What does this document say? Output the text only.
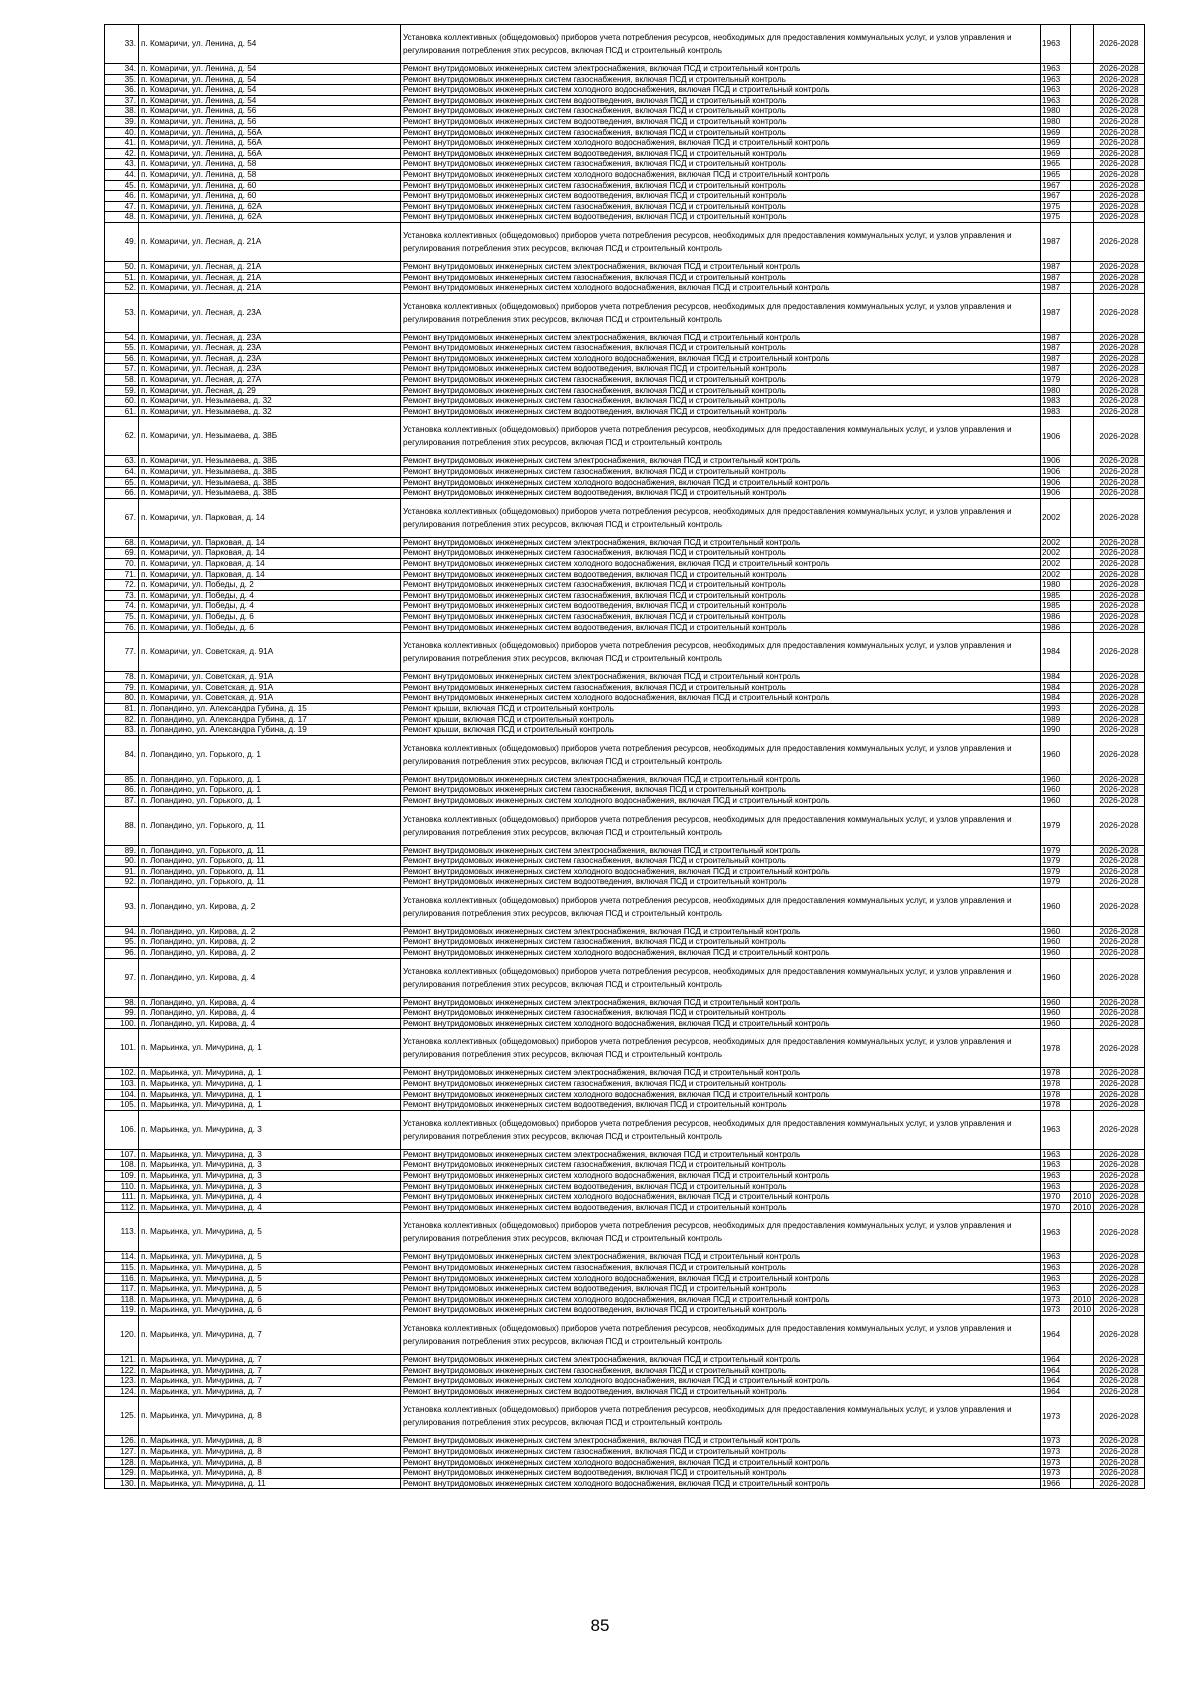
33.	п. Комаричи, ул. Ленина, д. 54	Установка коллективных (общедомовых) приборов учета потребления ресурсов, необходимых для предоставления коммунальных услуг, и узлов управления и регулирования потребления этих ресурсов, включая ПСД и строительный контроль	1963		2026-2028
34.	п. Комаричи, ул. Ленина, д. 54	Ремонт внутридомовых инженерных систем электроснабжения, включая ПСД и строительный контроль	1963		2026-2028
35.	п. Комаричи, ул. Ленина, д. 54	Ремонт внутридомовых инженерных систем газоснабжения, включая ПСД и строительный контроль	1963		2026-2028
36.	п. Комаричи, ул. Ленина, д. 54	Ремонт внутридомовых инженерных систем холодного водоснабжения, включая ПСД и строительный контроль	1963		2026-2028
37.	п. Комаричи, ул. Ленина, д. 54	Ремонт внутридомовых инженерных систем водоотведения, включая ПСД и строительный контроль	1963		2026-2028
38.	п. Комаричи, ул. Ленина, д. 56	Ремонт внутридомовых инженерных систем газоснабжения, включая ПСД и строительный контроль	1980		2026-2028
39.	п. Комаричи, ул. Ленина, д. 56	Ремонт внутридомовых инженерных систем водоотведения, включая ПСД и строительный контроль	1980		2026-2028
40.	п. Комаричи, ул. Ленина, д. 56А	Ремонт внутридомовых инженерных систем газоснабжения, включая ПСД и строительный контроль	1969		2026-2028
41.	п. Комаричи, ул. Ленина, д. 56А	Ремонт внутридомовых инженерных систем холодного водоснабжения, включая ПСД и строительный контроль	1969		2026-2028
42.	п. Комаричи, ул. Ленина, д. 56А	Ремонт внутридомовых инженерных систем водоотведения, включая ПСД и строительный контроль	1969		2026-2028
43.	п. Комаричи, ул. Ленина, д. 58	Ремонт внутридомовых инженерных систем газоснабжения, включая ПСД и строительный контроль	1965		2026-2028
44.	п. Комаричи, ул. Ленина, д. 58	Ремонт внутридомовых инженерных систем холодного водоснабжения, включая ПСД и строительный контроль	1965		2026-2028
45.	п. Комаричи, ул. Ленина, д. 60	Ремонт внутридомовых инженерных систем газоснабжения, включая ПСД и строительный контроль	1967		2026-2028
46.	п. Комаричи, ул. Ленина, д. 60	Ремонт внутридомовых инженерных систем водоотведения, включая ПСД и строительный контроль	1967		2026-2028
47.	п. Комаричи, ул. Ленина, д. 62А	Ремонт внутридомовых инженерных систем газоснабжения, включая ПСД и строительный контроль	1975		2026-2028
48.	п. Комаричи, ул. Ленина, д. 62А	Ремонт внутридомовых инженерных систем водоотведения, включая ПСД и строительный контроль	1975		2026-2028
49.	п. Комаричи, ул. Лесная, д. 21А	Установка коллективных (общедомовых) приборов учета потребления ресурсов, необходимых для предоставления коммунальных услуг, и узлов управления и регулирования потребления этих ресурсов, включая ПСД и строительный контроль	1987		2026-2028
50.	п. Комаричи, ул. Лесная, д. 21А	Ремонт внутридомовых инженерных систем электроснабжения, включая ПСД и строительный контроль	1987		2026-2028
51.	п. Комаричи, ул. Лесная, д. 21А	Ремонт внутридомовых инженерных систем газоснабжения, включая ПСД и строительный контроль	1987		2026-2028
52.	п. Комаричи, ул. Лесная, д. 21А	Ремонт внутридомовых инженерных систем холодного водоснабжения, включая ПСД и строительный контроль	1987		2026-2028
53.	п. Комаричи, ул. Лесная, д. 23А	Установка коллективных (общедомовых) приборов учета потребления ресурсов, необходимых для предоставления коммунальных услуг, и узлов управления и регулирования потребления этих ресурсов, включая ПСД и строительный контроль	1987		2026-2028
54.	п. Комаричи, ул. Лесная, д. 23А	Ремонт внутридомовых инженерных систем электроснабжения, включая ПСД и строительный контроль	1987		2026-2028
55.	п. Комаричи, ул. Лесная, д. 23А	Ремонт внутридомовых инженерных систем газоснабжения, включая ПСД и строительный контроль	1987		2026-2028
56.	п. Комаричи, ул. Лесная, д. 23А	Ремонт внутридомовых инженерных систем холодного водоснабжения, включая ПСД и строительный контроль	1987		2026-2028
57.	п. Комаричи, ул. Лесная, д. 23А	Ремонт внутридомовых инженерных систем водоотведения, включая ПСД и строительный контроль	1987		2026-2028
58.	п. Комаричи, ул. Лесная, д. 27А	Ремонт внутридомовых инженерных систем газоснабжения, включая ПСД и строительный контроль	1979		2026-2028
59.	п. Комаричи, ул. Лесная, д. 29	Ремонт внутридомовых инженерных систем газоснабжения, включая ПСД и строительный контроль	1980		2026-2028
60.	п. Комаричи, ул. Незымаева, д. 32	Ремонт внутридомовых инженерных систем газоснабжения, включая ПСД и строительный контроль	1983		2026-2028
61.	п. Комаричи, ул. Незымаева, д. 32	Ремонт внутридомовых инженерных систем водоотведения, включая ПСД и строительный контроль	1983		2026-2028
62.	п. Комаричи, ул. Незымаева, д. 38Б	Установка коллективных (общедомовых) приборов учета потребления ресурсов, необходимых для предоставления коммунальных услуг, и узлов управления и регулирования потребления этих ресурсов, включая ПСД и строительный контроль	1906		2026-2028
63.	п. Комаричи, ул. Незымаева, д. 38Б	Ремонт внутридомовых инженерных систем электроснабжения, включая ПСД и строительный контроль	1906		2026-2028
64.	п. Комаричи, ул. Незымаева, д. 38Б	Ремонт внутридомовых инженерных систем газоснабжения, включая ПСД и строительный контроль	1906		2026-2028
65.	п. Комаричи, ул. Незымаева, д. 38Б	Ремонт внутридомовых инженерных систем холодного водоснабжения, включая ПСД и строительный контроль	1906		2026-2028
66.	п. Комаричи, ул. Незымаева, д. 38Б	Ремонт внутридомовых инженерных систем водоотведения, включая ПСД и строительный контроль	1906		2026-2028
67.	п. Комаричи, ул. Парковая, д. 14	Установка коллективных (общедомовых) приборов учета потребления ресурсов, необходимых для предоставления коммунальных услуг, и узлов управления и регулирования потребления этих ресурсов, включая ПСД и строительный контроль	2002		2026-2028
68.	п. Комаричи, ул. Парковая, д. 14	Ремонт внутридомовых инженерных систем электроснабжения, включая ПСД и строительный контроль	2002		2026-2028
69.	п. Комаричи, ул. Парковая, д. 14	Ремонт внутридомовых инженерных систем газоснабжения, включая ПСД и строительный контроль	2002		2026-2028
70.	п. Комаричи, ул. Парковая, д. 14	Ремонт внутридомовых инженерных систем холодного водоснабжения, включая ПСД и строительный контроль	2002		2026-2028
71.	п. Комаричи, ул. Парковая, д. 14	Ремонт внутридомовых инженерных систем водоотведения, включая ПСД и строительный контроль	2002		2026-2028
72.	п. Комаричи, ул. Победы, д. 2	Ремонт внутридомовых инженерных систем газоснабжения, включая ПСД и строительный контроль	1980		2026-2028
73.	п. Комаричи, ул. Победы, д. 4	Ремонт внутридомовых инженерных систем газоснабжения, включая ПСД и строительный контроль	1985		2026-2028
74.	п. Комаричи, ул. Победы, д. 4	Ремонт внутридомовых инженерных систем водоотведения, включая ПСД и строительный контроль	1985		2026-2028
75.	п. Комаричи, ул. Победы, д. 6	Ремонт внутридомовых инженерных систем газоснабжения, включая ПСД и строительный контроль	1986		2026-2028
76.	п. Комаричи, ул. Победы, д. 6	Ремонт внутридомовых инженерных систем водоотведения, включая ПСД и строительный контроль	1986		2026-2028
77.	п. Комаричи, ул. Советская, д. 91А	Установка коллективных (общедомовых) приборов учета потребления ресурсов, необходимых для предоставления коммунальных услуг, и узлов управления и регулирования потребления этих ресурсов, включая ПСД и строительный контроль	1984		2026-2028
78.	п. Комаричи, ул. Советская, д. 91А	Ремонт внутридомовых инженерных систем электроснабжения, включая ПСД и строительный контроль	1984		2026-2028
79.	п. Комаричи, ул. Советская, д. 91А	Ремонт внутридомовых инженерных систем газоснабжения, включая ПСД и строительный контроль	1984		2026-2028
80.	п. Комаричи, ул. Советская, д. 91А	Ремонт внутридомовых инженерных систем холодного водоснабжения, включая ПСД и строительный контроль	1984		2026-2028
81.	п. Лопандино, ул. Александра Губина, д. 15	Ремонт крыши, включая ПСД и строительный контроль	1993		2026-2028
82.	п. Лопандино, ул. Александра Губина, д. 17	Ремонт крыши, включая ПСД и строительный контроль	1989		2026-2028
83.	п. Лопандино, ул. Александра Губина, д. 19	Ремонт крыши, включая ПСД и строительный контроль	1990		2026-2028
84.	п. Лопандино, ул. Горького, д. 1	Установка коллективных (общедомовых) приборов учета потребления ресурсов, необходимых для предоставления коммунальных услуг, и узлов управления и регулирования потребления этих ресурсов, включая ПСД и строительный контроль	1960		2026-2028
85.	п. Лопандино, ул. Горького, д. 1	Ремонт внутридомовых инженерных систем электроснабжения, включая ПСД и строительный контроль	1960		2026-2028
86.	п. Лопандино, ул. Горького, д. 1	Ремонт внутридомовых инженерных систем газоснабжения, включая ПСД и строительный контроль	1960		2026-2028
87.	п. Лопандино, ул. Горького, д. 1	Ремонт внутридомовых инженерных систем холодного водоснабжения, включая ПСД и строительный контроль	1960		2026-2028
88.	п. Лопандино, ул. Горького, д. 11	Установка коллективных (общедомовых) приборов учета потребления ресурсов, необходимых для предоставления коммунальных услуг, и узлов управления и регулирования потребления этих ресурсов, включая ПСД и строительный контроль	1979		2026-2028
89.	п. Лопандино, ул. Горького, д. 11	Ремонт внутридомовых инженерных систем электроснабжения, включая ПСД и строительный контроль	1979		2026-2028
90.	п. Лопандино, ул. Горького, д. 11	Ремонт внутридомовых инженерных систем газоснабжения, включая ПСД и строительный контроль	1979		2026-2028
91.	п. Лопандино, ул. Горького, д. 11	Ремонт внутридомовых инженерных систем холодного водоснабжения, включая ПСД и строительный контроль	1979		2026-2028
92.	п. Лопандино, ул. Горького, д. 11	Ремонт внутридомовых инженерных систем водоотведения, включая ПСД и строительный контроль	1979		2026-2028
93.	п. Лопандино, ул. Кирова, д. 2	Установка коллективных (общедомовых) приборов учета потребления ресурсов, необходимых для предоставления коммунальных услуг, и узлов управления и регулирования потребления этих ресурсов, включая ПСД и строительный контроль	1960		2026-2028
94.	п. Лопандино, ул. Кирова, д. 2	Ремонт внутридомовых инженерных систем электроснабжения, включая ПСД и строительный контроль	1960		2026-2028
95.	п. Лопандино, ул. Кирова, д. 2	Ремонт внутридомовых инженерных систем газоснабжения, включая ПСД и строительный контроль	1960		2026-2028
96.	п. Лопандино, ул. Кирова, д. 2	Ремонт внутридомовых инженерных систем холодного водоснабжения, включая ПСД и строительный контроль	1960		2026-2028
97.	п. Лопандино, ул. Кирова, д. 4	Установка коллективных (общедомовых) приборов учета потребления ресурсов, необходимых для предоставления коммунальных услуг, и узлов управления и регулирования потребления этих ресурсов, включая ПСД и строительный контроль	1960		2026-2028
98.	п. Лопандино, ул. Кирова, д. 4	Ремонт внутридомовых инженерных систем электроснабжения, включая ПСД и строительный контроль	1960		2026-2028
99.	п. Лопандино, ул. Кирова, д. 4	Ремонт внутридомовых инженерных систем газоснабжения, включая ПСД и строительный контроль	1960		2026-2028
100.	п. Лопандино, ул. Кирова, д. 4	Ремонт внутридомовых инженерных систем холодного водоснабжения, включая ПСД и строительный контроль	1960		2026-2028
101.	п. Марьинка, ул. Мичурина, д. 1	Установка коллективных (общедомовых) приборов учета потребления ресурсов, необходимых для предоставления коммунальных услуг, и узлов управления и регулирования потребления этих ресурсов, включая ПСД и строительный контроль	1978		2026-2028
102.	п. Марьинка, ул. Мичурина, д. 1	Ремонт внутридомовых инженерных систем электроснабжения, включая ПСД и строительный контроль	1978		2026-2028
103.	п. Марьинка, ул. Мичурина, д. 1	Ремонт внутридомовых инженерных систем газоснабжения, включая ПСД и строительный контроль	1978		2026-2028
104.	п. Марьинка, ул. Мичурина, д. 1	Ремонт внутридомовых инженерных систем холодного водоснабжения, включая ПСД и строительный контроль	1978		2026-2028
105.	п. Марьинка, ул. Мичурина, д. 1	Ремонт внутридомовых инженерных систем водоотведения, включая ПСД и строительный контроль	1978		2026-2028
106.	п. Марьинка, ул. Мичурина, д. 3	Установка коллективных (общедомовых) приборов учета потребления ресурсов, необходимых для предоставления коммунальных услуг, и узлов управления и регулирования потребления этих ресурсов, включая ПСД и строительный контроль	1963		2026-2028
107.	п. Марьинка, ул. Мичурина, д. 3	Ремонт внутридомовых инженерных систем электроснабжения, включая ПСД и строительный контроль	1963		2026-2028
108.	п. Марьинка, ул. Мичурина, д. 3	Ремонт внутридомовых инженерных систем газоснабжения, включая ПСД и строительный контроль	1963		2026-2028
109.	п. Марьинка, ул. Мичурина, д. 3	Ремонт внутридомовых инженерных систем холодного водоснабжения, включая ПСД и строительный контроль	1963		2026-2028
110.	п. Марьинка, ул. Мичурина, д. 3	Ремонт внутридомовых инженерных систем водоотведения, включая ПСД и строительный контроль	1963		2026-2028
111.	п. Марьинка, ул. Мичурина, д. 4	Ремонт внутридомовых инженерных систем холодного водоснабжения, включая ПСД и строительный контроль	1970	2010	2026-2028
112.	п. Марьинка, ул. Мичурина, д. 4	Ремонт внутридомовых инженерных систем водоотведения, включая ПСД и строительный контроль	1970	2010	2026-2028
113.	п. Марьинка, ул. Мичурина, д. 5	Установка коллективных (общедомовых) приборов учета потребления ресурсов, необходимых для предоставления коммунальных услуг, и узлов управления и регулирования потребления этих ресурсов, включая ПСД и строительный контроль	1963		2026-2028
114.	п. Марьинка, ул. Мичурина, д. 5	Ремонт внутридомовых инженерных систем электроснабжения, включая ПСД и строительный контроль	1963		2026-2028
115.	п. Марьинка, ул. Мичурина, д. 5	Ремонт внутридомовых инженерных систем газоснабжения, включая ПСД и строительный контроль	1963		2026-2028
116.	п. Марьинка, ул. Мичурина, д. 5	Ремонт внутридомовых инженерных систем холодного водоснабжения, включая ПСД и строительный контроль	1963		2026-2028
117.	п. Марьинка, ул. Мичурина, д. 5	Ремонт внутридомовых инженерных систем водоотведения, включая ПСД и строительный контроль	1963		2026-2028
118.	п. Марьинка, ул. Мичурина, д. 6	Ремонт внутридомовых инженерных систем холодного водоснабжения, включая ПСД и строительный контроль	1973	2010	2026-2028
119.	п. Марьинка, ул. Мичурина, д. 6	Ремонт внутридомовых инженерных систем водоотведения, включая ПСД и строительный контроль	1973	2010	2026-2028
120.	п. Марьинка, ул. Мичурина, д. 7	Установка коллективных (общедомовых) приборов учета потребления ресурсов, необходимых для предоставления коммунальных услуг, и узлов управления и регулирования потребления этих ресурсов, включая ПСД и строительный контроль	1964		2026-2028
121.	п. Марьинка, ул. Мичурина, д. 7	Ремонт внутридомовых инженерных систем электроснабжения, включая ПСД и строительный контроль	1964		2026-2028
122.	п. Марьинка, ул. Мичурина, д. 7	Ремонт внутридомовых инженерных систем газоснабжения, включая ПСД и строительный контроль	1964		2026-2028
123.	п. Марьинка, ул. Мичурина, д. 7	Ремонт внутридомовых инженерных систем холодного водоснабжения, включая ПСД и строительный контроль	1964		2026-2028
124.	п. Марьинка, ул. Мичурина, д. 7	Ремонт внутридомовых инженерных систем водоотведения, включая ПСД и строительный контроль	1964		2026-2028
125.	п. Марьинка, ул. Мичурина, д. 8	Установка коллективных (общедомовых) приборов учета потребления ресурсов, необходимых для предоставления коммунальных услуг, и узлов управления и регулирования потребления этих ресурсов, включая ПСД и строительный контроль	1973		2026-2028
126.	п. Марьинка, ул. Мичурина, д. 8	Ремонт внутридомовых инженерных систем электроснабжения, включая ПСД и строительный контроль	1973		2026-2028
127.	п. Марьинка, ул. Мичурина, д. 8	Ремонт внутридомовых инженерных систем газоснабжения, включая ПСД и строительный контроль	1973		2026-2028
128.	п. Марьинка, ул. Мичурина, д. 8	Ремонт внутридомовых инженерных систем холодного водоснабжения, включая ПСД и строительный контроль	1973		2026-2028
129.	п. Марьинка, ул. Мичурина, д. 8	Ремонт внутридомовых инженерных систем водоотведения, включая ПСД и строительный контроль	1973		2026-2028
130.	п. Марьинка, ул. Мичурина, д. 11	Ремонт внутридомовых инженерных систем холодного водоснабжения, включая ПСД и строительный контроль	1966		2026-2028
85
